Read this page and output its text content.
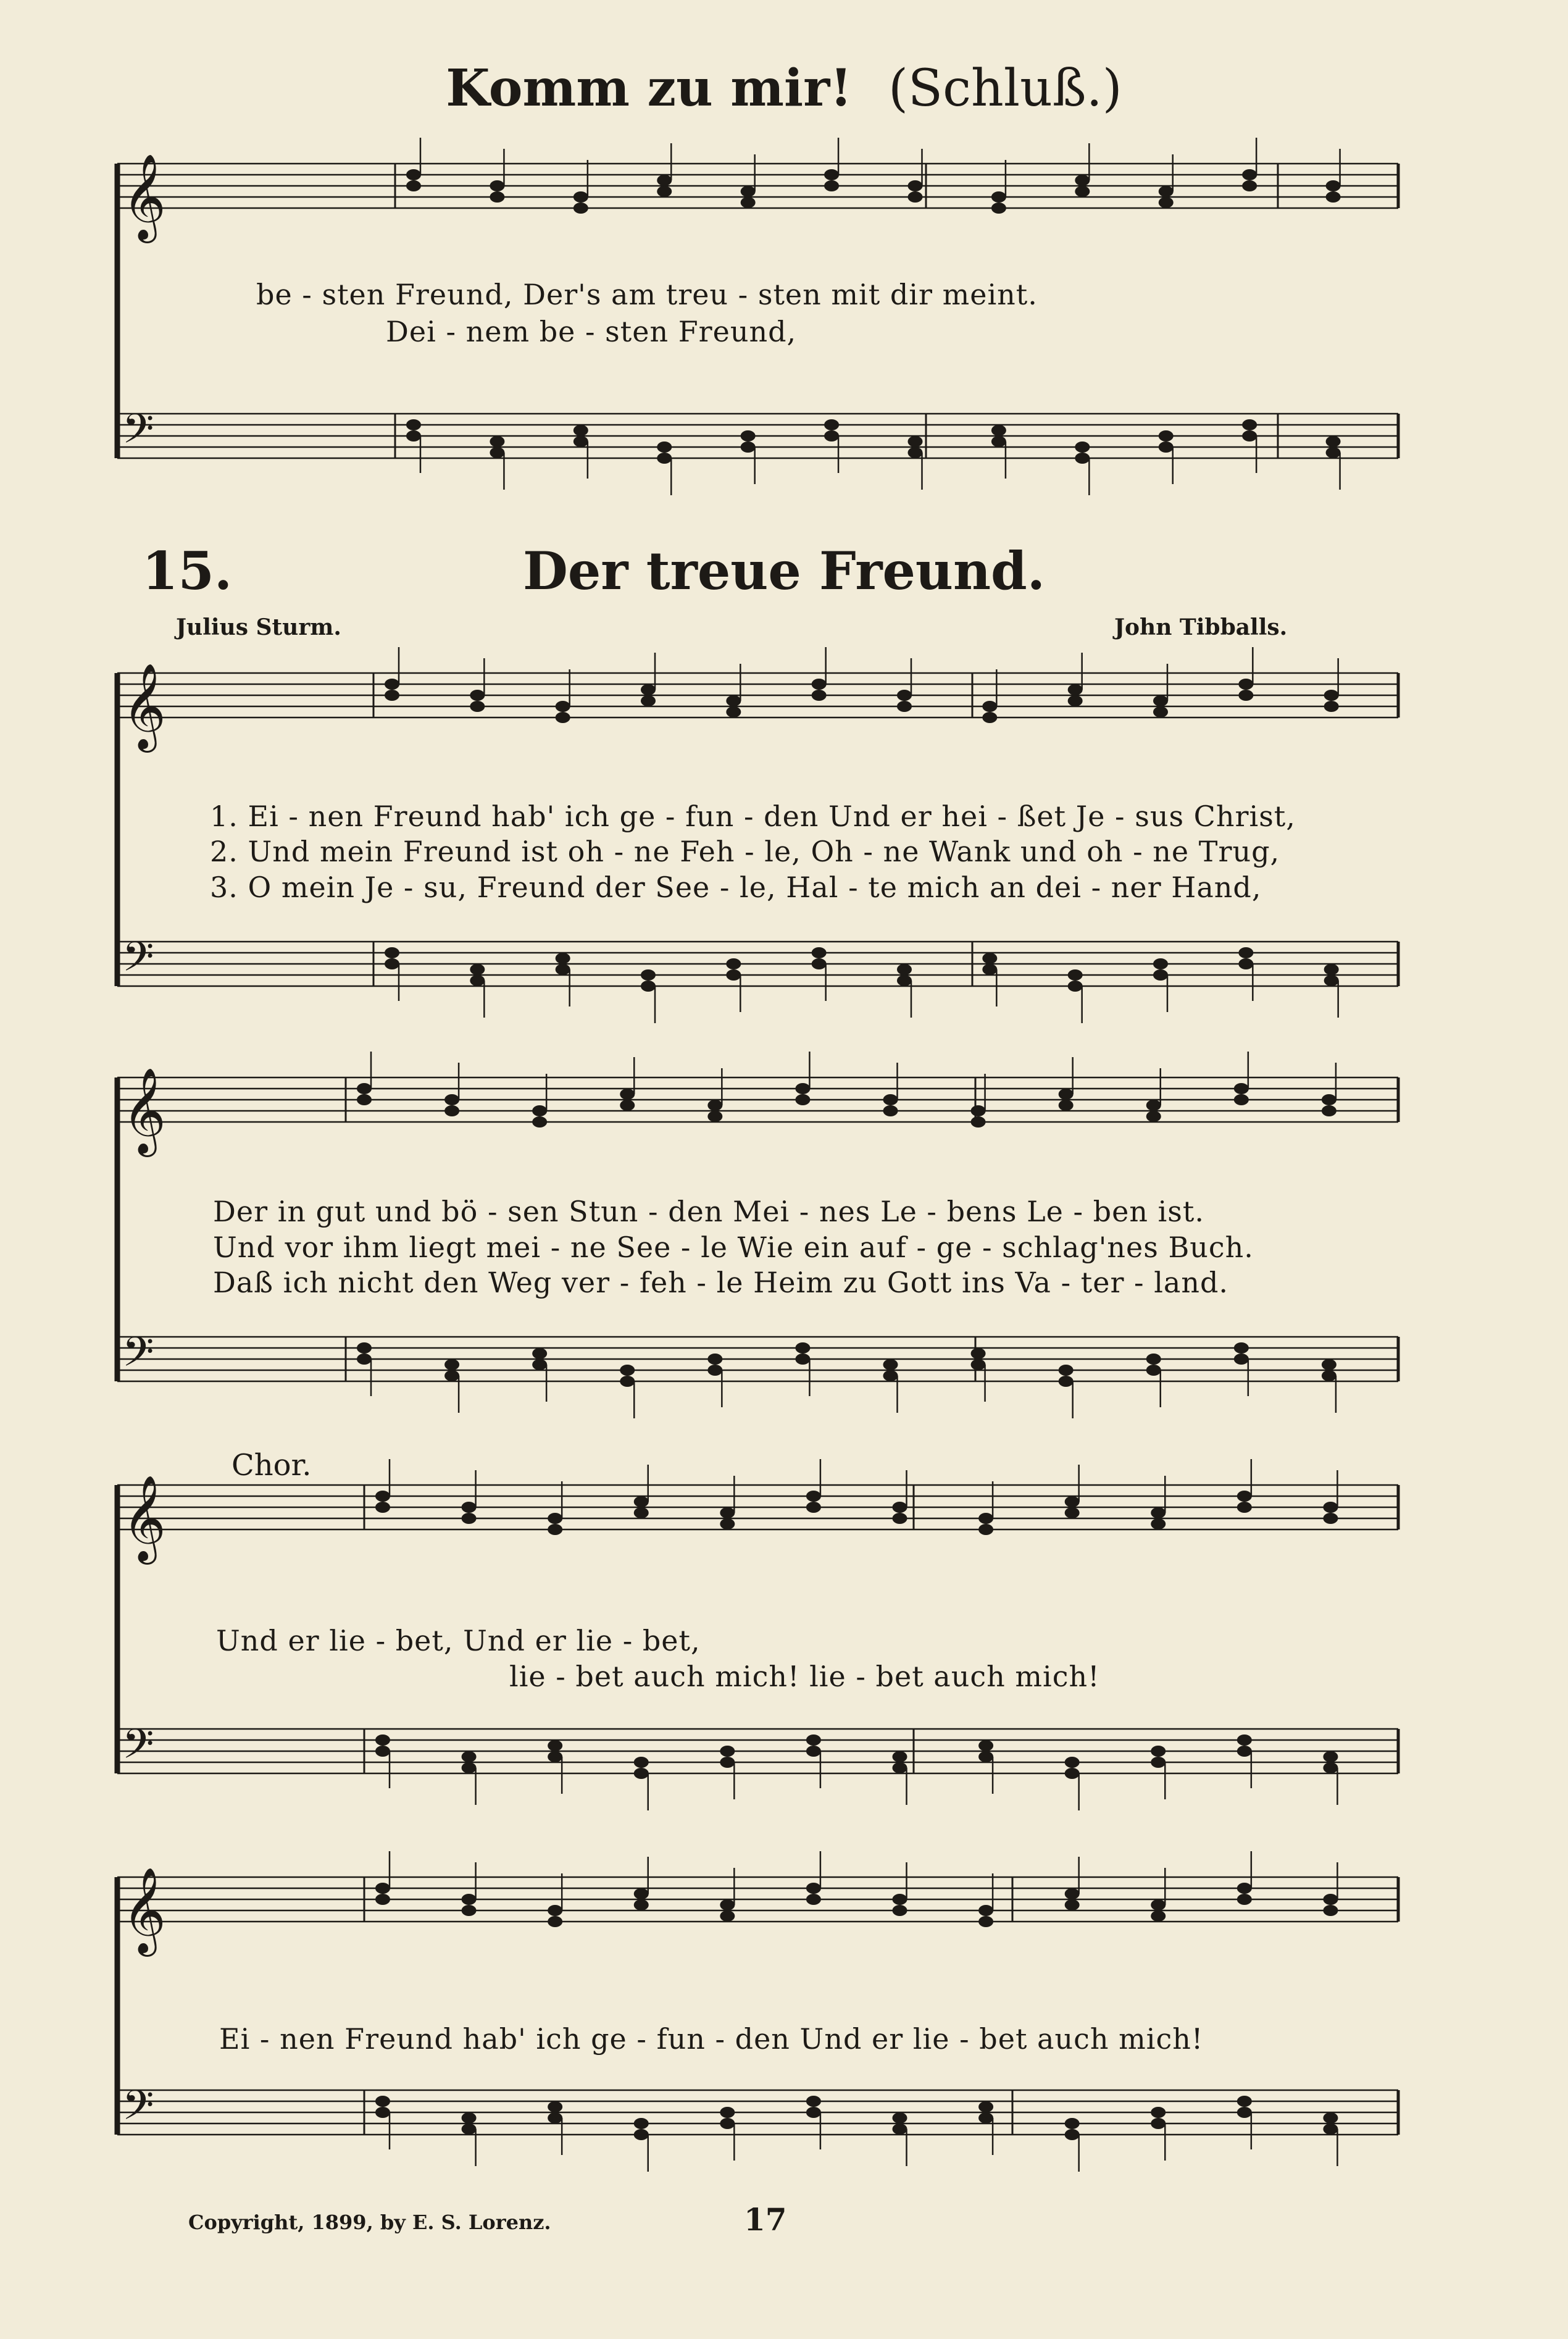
Komm zu mir! (Schluß.)
𝄞
𝄢
𝄞
𝄢
𝄞
𝄢
𝄞
𝄢
𝄞
𝄢
be - sten Freund, Der's am treu - sten mit dir meint.
Dei - nem be - sten Freund,
15.	Der treue Freund.
Julius Sturm.	John Tibballs.
1. Ei - nen Freund hab' ich ge - fun - den Und er hei - ßet Je - sus Christ,
2. Und mein Freund ist oh - ne Feh - le, Oh - ne Wank und oh - ne Trug,
3. O mein Je - su, Freund der See - le, Hal - te mich an dei - ner Hand,
Der in gut und bö - sen Stun - den Mei - nes Le - bens Le - ben ist.
Und vor ihm liegt mei - ne See - le Wie ein auf - ge - schlag'nes Buch.
Daß ich nicht den Weg ver - feh - le Heim zu Gott ins Va - ter - land.
Chor.
Und er lie - bet, Und er lie - bet,
lie - bet auch mich! lie - bet auch mich!
Ei - nen Freund hab' ich ge - fun - den Und er lie - bet auch mich!
Copyright, 1899, by E. S. Lorenz.	17
